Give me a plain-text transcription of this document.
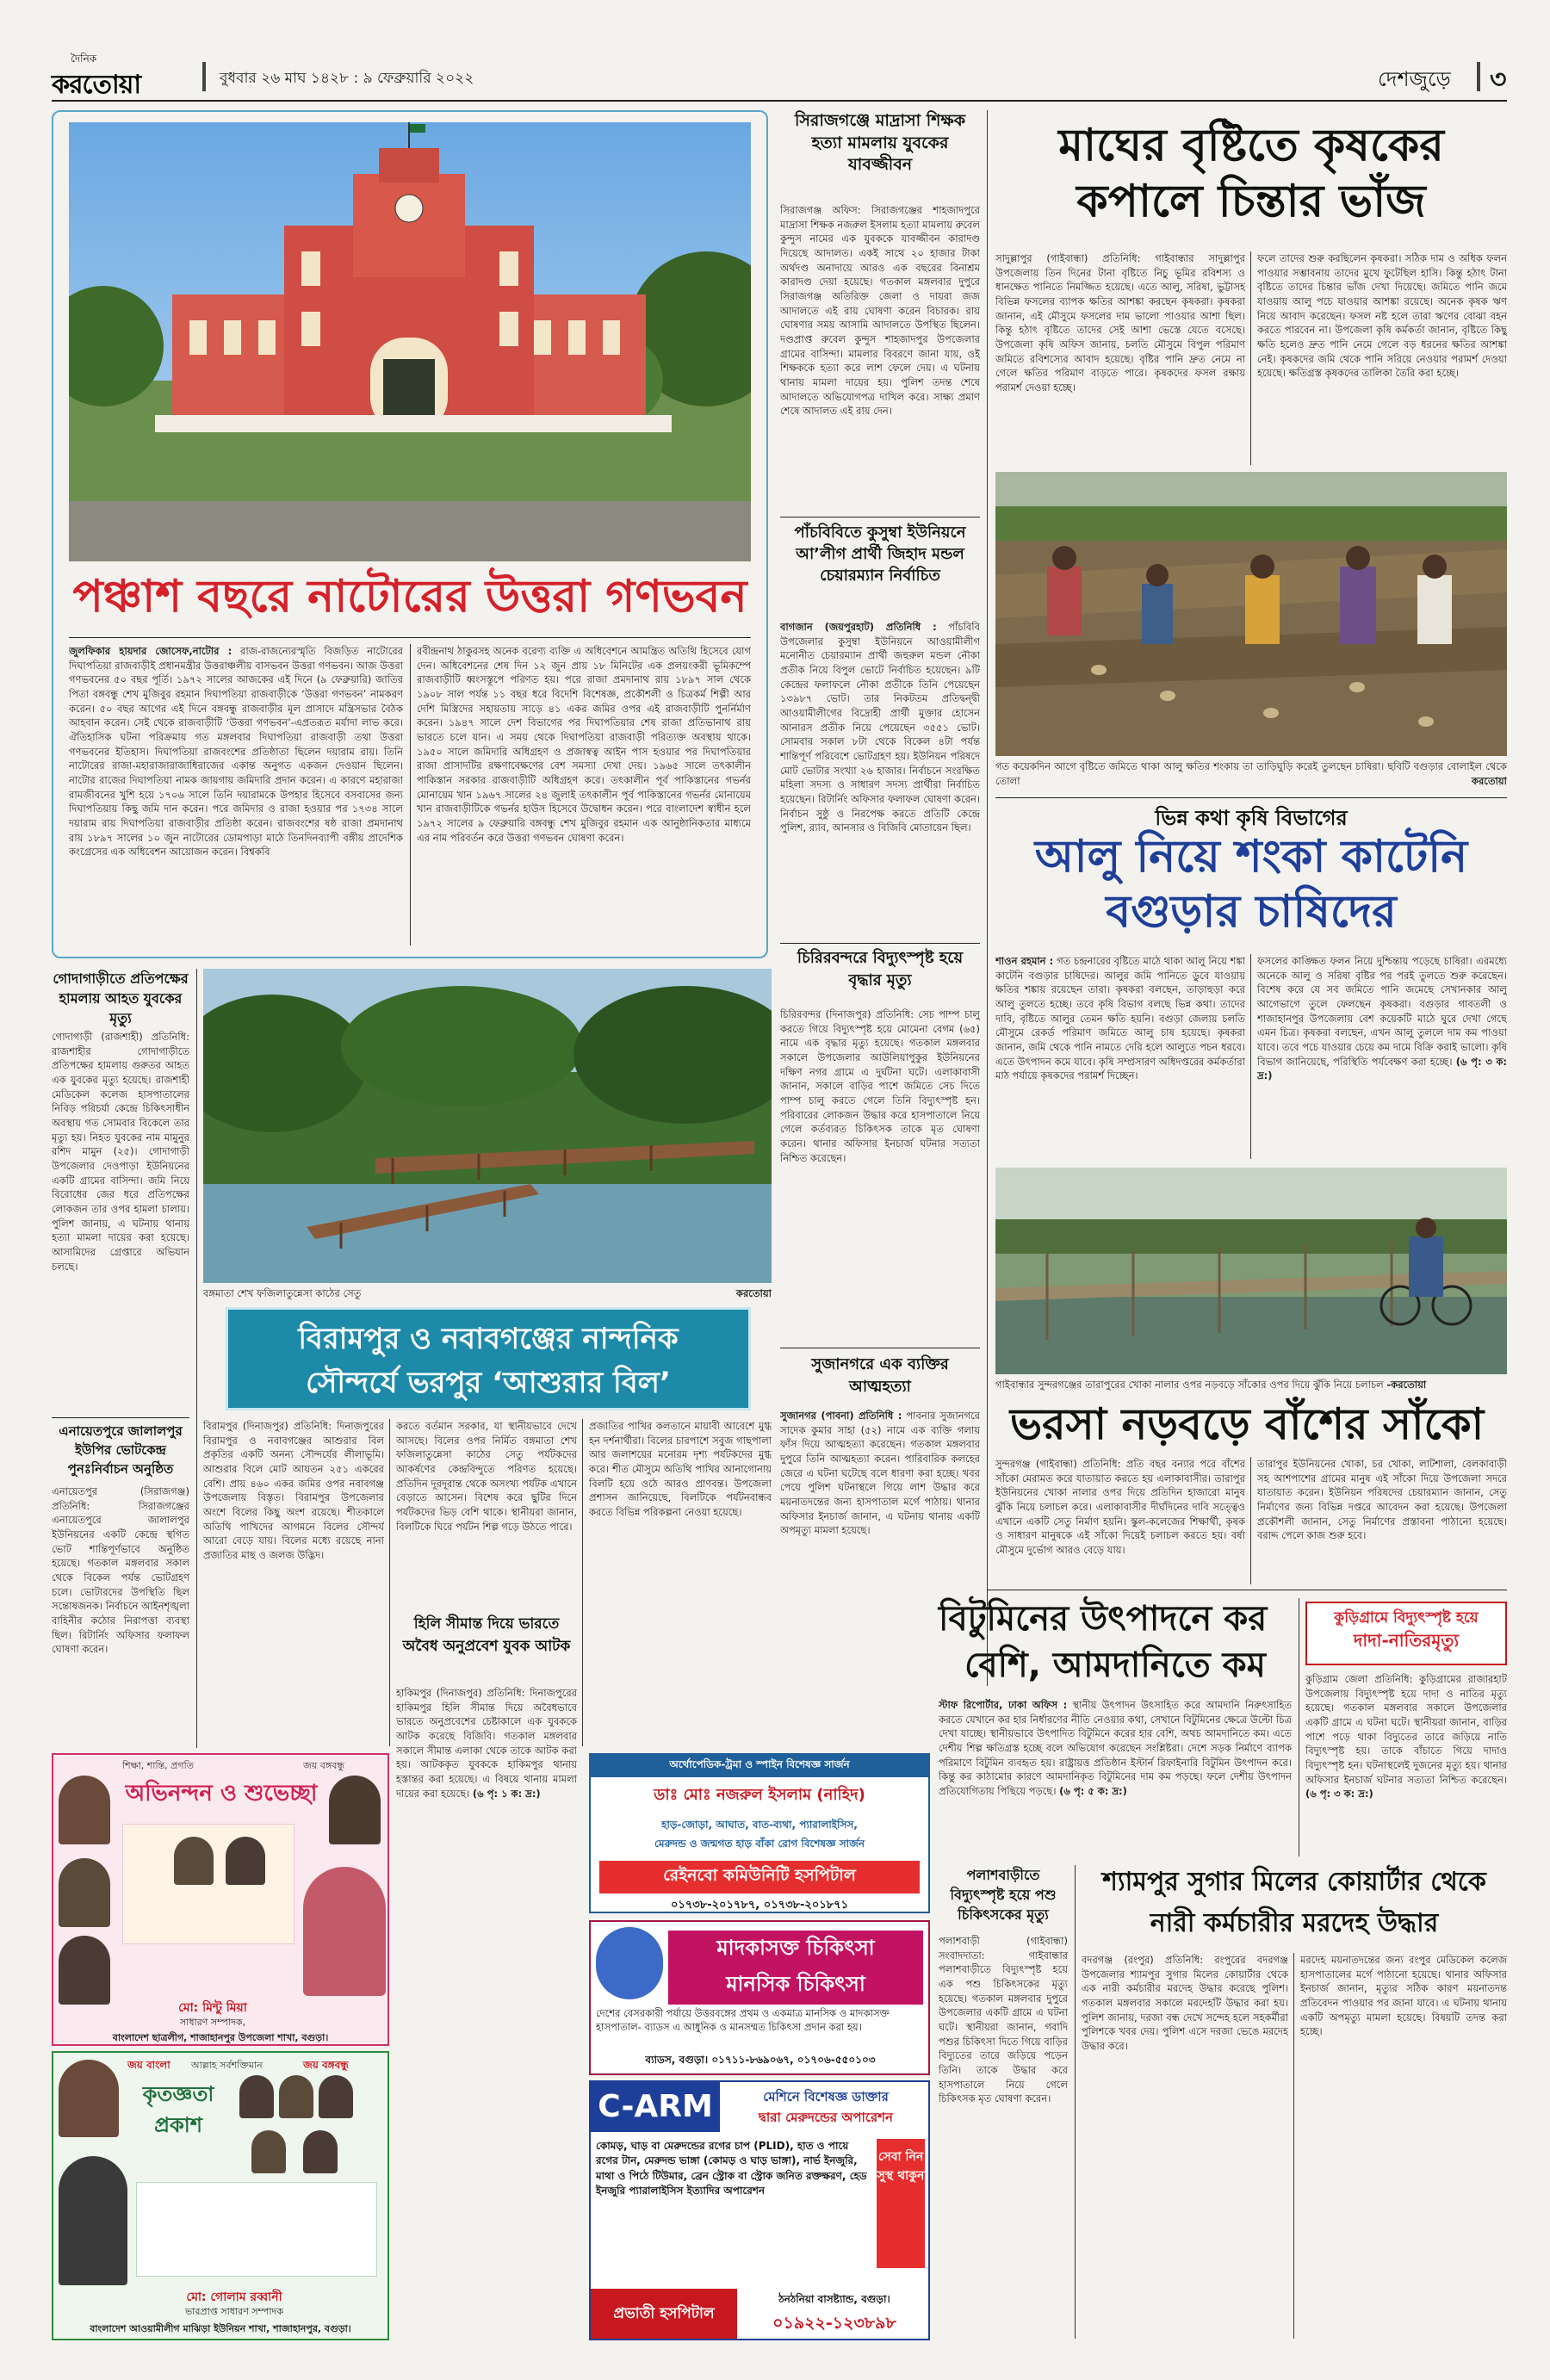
দৈনিক
করতোয়া	বুধবার ২৬ মাঘ ১৪২৮ : ৯ ফেব্রুয়ারি ২০২২	দেশজুড়ে ৩
পঞ্চাশ বছরে নাটোরের উত্তরা গণভবন
জুলফিকার হায়দার জোসেফ,নাটোর : রাজ-রাজন্যেরস্মৃতি বিজড়িত নাটোরের দিঘাপতিয়া রাজবাড়ীই প্রধানমন্ত্রীর উত্তরাঞ্চলীয় বাসভবন উত্তরা গণভবন। আজ উত্তরা গণভবনের ৫০ বছর পূর্তি। ১৯৭২ সালের আজকের এই দিনে (৯ ফেব্রুয়ারি) জাতির পিতা বঙ্গবন্ধু শেখ মুজিবুর রহমান দিঘাপতিয়া রাজবাড়ীকে ‘উত্তরা গণভবন’ নামকরণ করেন। ৫০ বছর আগের এই দিনে বঙ্গবন্ধু রাজবাড়ীর মূল প্রাসাদে মন্ত্রিসভার বৈঠক আহবান করেন। সেই থেকে রাজবাড়ীটি ‘উত্তরা গণভবন’-এপ্রতরূত মর্যাদা লাভ করে। ঐতিহাসিক ঘটনা পরিক্রমায় গত মঙ্গলবার দিঘাপতিয়া রাজবাড়ী তথা উত্তরা গণভবনের ইতিহাস। দিঘাপতিয়া রাজবংশের প্রতিষ্ঠাতা ছিলেন দয়ারাম রায়। তিনি নাটোরের রাজা-মহারাজারাজাধিরাজের একান্ত অনুগত একজন দেওয়ান ছিলেন। নাটোর রাজের দিঘাপতিয়া নামক জায়গায় জমিদারি প্রদান করেন। এ কারণে মহারাজা রামজীবনের খুশি হয়ে ১৭০৬ সালে তিনি দয়ারামকে উপহার হিসেবে বসবাসের জন্য দিঘাপতিয়ায় কিছু জমি দান করেন। পরে জমিদার ও রাজা হওয়ার পর ১৭৩৪ সালে দয়ারাম রায় দিঘাপতিয়া রাজবাড়ীর প্রতিষ্ঠা করেন। রাজবংশের ষষ্ঠ রাজা প্রমদানাথ রায় ১৮৯৭ সালের ১০ জুন নাটোরের ডোমপাড়া মাঠে তিনদিনব্যাপী বঙ্গীয় প্রাদেশিক কংগ্রেসের এক অধিবেশন আয়োজন করেন। বিশ্বকবি
রবীন্দ্রনাথ ঠাকুরসহ অনেক বরেণ্য ব্যক্তি এ অধিবেশনে আমন্ত্রিত অতিথি হিসেবে যোগ দেন। অধিবেশনের শেষ দিন ১২ জুন প্রায় ১৮ মিনিটের এক প্রলয়ংকরী ভূমিকম্পে রাজবাড়ীটি ধ্বংসস্তূপে পরিণত হয়। পরে রাজা প্রমদানাথ রায় ১৮৯৭ সাল থেকে ১৯০৮ সাল পর্যন্ত ১১ বছর ধরে বিদেশি বিশেষজ্ঞ, প্রকৌশলী ও চিত্রকর্ম শিল্পী আর দেশি মিস্ত্রিদের সহায়তায় সাড়ে ৪১ একর জমির ওপর এই রাজবাড়ীটি পুনর্নির্মাণ করেন। ১৯৪৭ সালে দেশ বিভাগের পর দিঘাপতিয়ার শেষ রাজা প্রতিভানাথ রায় ভারতে চলে যান। এ সময় থেকে দিঘাপতিয়া রাজবাড়ী পরিত্যক্ত অবস্থায় থাকে। ১৯৫০ সালে জমিদারি অধিগ্রহণ ও প্রজাস্বত্ব আইন পাস হওয়ার পর দিঘাপতিয়ার রাজা প্রাসাদটির রক্ষণাবেক্ষণের বেশ সমস্যা দেখা দেয়। ১৯৬৫ সালে তৎকালীন পাকিস্তান সরকার রাজবাড়ীটি অধিগ্রহণ করে। তৎকালীন পূর্ব পাকিস্তানের গভর্নর মোনায়েম খান ১৯৬৭ সালের ২৪ জুলাই তৎকালীন পূর্ব পাকিস্তানের গভর্নর মোনায়েম খান রাজবাড়ীটিকে গভর্নর হাউস হিসেবে উদ্বোধন করেন। পরে বাংলাদেশ স্বাধীন হলে ১৯৭২ সালের ৯ ফেব্রুয়ারি বঙ্গবন্ধু শেখ মুজিবুর রহমান এক আনুষ্ঠানিকতার মাধ্যমে এর নাম পরিবর্তন করে উত্তরা গণভবন ঘোষণা করেন।
সিরাজগঞ্জে মাদ্রাসা শিক্ষক হত্যা মামলায় যুবকের যাবজ্জীবন
সিরাজগঞ্জ অফিস: সিরাজগঞ্জের শাহজাদপুরে মাদ্রাসা শিক্ষক নজরুল ইসলাম হত্যা মামলায় রুবেল কুন্দুস নামের এক যুবককে যাবজ্জীবন কারাদণ্ড দিয়েছে আদালত। একই সাথে ২০ হাজার টাকা অর্থদণ্ড অনাদায়ে আরও এক বছরের বিনাশ্রম কারাদণ্ড দেয়া হয়েছে। গতকাল মঙ্গলবার দুপুরে সিরাজগঞ্জ অতিরিক্ত জেলা ও দায়রা জজ আদালতে এই রায় ঘোষণা করেন বিচারক। রায় ঘোষণার সময় আসামি আদালতে উপস্থিত ছিলেন। দণ্ডপ্রাপ্ত রুবেল কুন্দুস শাহজাদপুর উপজেলার গ্রামের বাসিন্দা। মামলার বিবরণে জানা যায়, ওই শিক্ষককে হত্যা করে লাশ ফেলে দেয়। এ ঘটনায় থানায় মামলা দায়ের হয়। পুলিশ তদন্ত শেষে আদালতে অভিযোগপত্র দাখিল করে। সাক্ষ্য প্রমাণ শেষে আদালত এই রায় দেন।
পাঁচবিবিতে কুসুম্বা ইউনিয়নে আ’লীগ প্রার্থী জিহাদ মন্ডল চেয়ারম্যান নির্বাচিত
বাগজান (জয়পুরহাট) প্রতিনিধি : পাঁচবিবি উপজেলার কুসুম্বা ইউনিয়নে আওয়ামীলীগ মনোনীত চেয়ারম্যান প্রার্থী জহুরুল মন্ডল নৌকা প্রতীক নিয়ে বিপুল ভোটে নির্বাচিত হয়েছেন। ৯টি কেন্দ্রের ফলাফলে নৌকা প্রতীকে তিনি পেয়েছেন ১৩৯৮৭ ভোট। তার নিকটতম প্রতিদ্বন্দ্বী আওয়ামীলীগের বিদ্রোহী প্রার্থী মুক্তার হোসেন আনারস প্রতীক নিয়ে পেয়েছেন ৩৫৫১ ভোট। সোমবার সকাল ৮টা থেকে বিকেল ৪টা পর্যন্ত শান্তিপূর্ণ পরিবেশে ভোটগ্রহণ হয়। ইউনিয়ন পরিষদে মোট ভোটার সংখ্যা ২৬ হাজার। নির্বাচনে সংরক্ষিত মহিলা সদস্য ও সাধারণ সদস্য প্রার্থীরা নির্বাচিত হয়েছেন। রিটার্নিং অফিসার ফলাফল ঘোষণা করেন। নির্বাচন সুষ্ঠু ও নিরপেক্ষ করতে প্রতিটি কেন্দ্রে পুলিশ, র‍্যাব, আনসার ও বিজিবি মোতায়েন ছিল।
চিরিরবন্দরে বিদ্যুৎস্পৃষ্ট হয়ে বৃদ্ধার মৃত্যু
চিরিরবন্দর (দিনাজপুর) প্রতিনিধি: সেচ পাম্প চালু করতে গিয়ে বিদ্যুৎস্পৃষ্ট হয়ে মোমেনা বেগম (৬৫) নামে এক বৃদ্ধার মৃত্যু হয়েছে। গতকাল মঙ্গলবার সকালে উপজেলার আউলিয়াপুকুর ইউনিয়নের দক্ষিণ নগর গ্রামে এ দুর্ঘটনা ঘটে। এলাকাবাসী জানান, সকালে বাড়ির পাশে জমিতে সেচ দিতে পাম্প চালু করতে গেলে তিনি বিদ্যুৎস্পৃষ্ট হন। পরিবারের লোকজন উদ্ধার করে হাসপাতালে নিয়ে গেলে কর্তব্যরত চিকিৎসক তাকে মৃত ঘোষণা করেন। থানার অফিসার ইনচার্জ ঘটনার সত্যতা নিশ্চিত করেছেন।
সুজানগরে এক ব্যক্তির আত্মহত্যা
সুজানগর (পাবনা) প্রতিনিধি : পাবনার সুজানগরে সাদেক কুমার সাহা (৫২) নামে এক ব্যক্তি গলায় ফাঁস দিয়ে আত্মহত্যা করেছেন। গতকাল মঙ্গলবার দুপুরে তিনি আত্মহত্যা করেন। পারিবারিক কলহের জেরে এ ঘটনা ঘটেছে বলে ধারণা করা হচ্ছে। খবর পেয়ে পুলিশ ঘটনাস্থলে গিয়ে লাশ উদ্ধার করে ময়নাতদন্তের জন্য হাসপাতাল মর্গে পাঠায়। থানার অফিসার ইনচার্জ জানান, এ ঘটনায় থানায় একটি অপমৃত্যু মামলা হয়েছে।
মাঘের বৃষ্টিতে কৃষকের
কপালে চিন্তার ভাঁজ
সাদুল্লাপুর (গাইবান্ধা) প্রতিনিধি: গাইবান্ধার সাদুল্লাপুর উপজেলায় তিন দিনের টানা বৃষ্টিতে নিচু ভূমির রবিশস্য ও ধানক্ষেত পানিতে নিমজ্জিত হয়েছে। এতে আলু, সরিষা, ভুট্টাসহ বিভিন্ন ফসলের ব্যাপক ক্ষতির আশঙ্কা করছেন কৃষকরা। কৃষকরা জানান, এই মৌসুমে ফসলের দাম ভালো পাওয়ার আশা ছিল। কিন্তু হঠাৎ বৃষ্টিতে তাদের সেই আশা ভেস্তে যেতে বসেছে। উপজেলা কৃষি অফিস জানায়, চলতি মৌসুমে বিপুল পরিমাণ জমিতে রবিশস্যের আবাদ হয়েছে। বৃষ্টির পানি দ্রুত নেমে না গেলে ক্ষতির পরিমাণ বাড়তে পারে। কৃষকদের ফসল রক্ষায় পরামর্শ দেওয়া হচ্ছে।
ফলে তাদের শুরু করছিলেন কৃষকরা। সঠিক দাম ও অধিক ফলন পাওয়ার সম্ভাবনায় তাদের মুখে ফুটেছিল হাসি। কিন্তু হঠাৎ টানা বৃষ্টিতে তাদের চিন্তার ভাঁজ দেখা দিয়েছে। জমিতে পানি জমে যাওয়ায় আলু পচে যাওয়ার আশঙ্কা রয়েছে। অনেক কৃষক ঋণ নিয়ে আবাদ করেছেন। ফসল নষ্ট হলে তারা ঋণের বোঝা বহন করতে পারবেন না। উপজেলা কৃষি কর্মকর্তা জানান, বৃষ্টিতে কিছু ক্ষতি হলেও দ্রুত পানি নেমে গেলে বড় ধরনের ক্ষতির আশঙ্কা নেই। কৃষকদের জমি থেকে পানি সরিয়ে নেওয়ার পরামর্শ দেওয়া হয়েছে। ক্ষতিগ্রস্ত কৃষকদের তালিকা তৈরি করা হচ্ছে।
গত কয়েকদিন আগে বৃষ্টিতে জমিতে থাকা আলু ক্ষতির শংকায় তা তাড়িঘুড়ি করেই তুলছেন চাষিরা। ছবিটি বগুড়ার বোলাইল থেকে তোলা	করতোয়া
ভিন্ন কথা কৃষি বিভাগের
আলু নিয়ে শংকা কাটেনি
বগুড়ার চাষিদের
শাওন রহমান : গত চন্দ্রনারের বৃষ্টিতে মাঠে থাকা আলু নিয়ে শঙ্কা কাটেনি বগুড়ার চাষিদের। আলুর জমি পানিতে ডুবে যাওয়ায় ক্ষতির শঙ্কায় রয়েছেন তারা। কৃষকরা বলছেন, তাড়াহুড়া করে আলু তুলতে হচ্ছে। তবে কৃষি বিভাগ বলছে ভিন্ন কথা। তাদের দাবি, বৃষ্টিতে আলুর তেমন ক্ষতি হয়নি। বগুড়া জেলায় চলতি মৌসুমে রেকর্ড পরিমাণ জমিতে আলু চাষ হয়েছে। কৃষকরা জানান, জমি থেকে পানি নামতে দেরি হলে আলুতে পচন ধরবে। এতে উৎপাদন কমে যাবে। কৃষি সম্প্রসারণ অধিদপ্তরের কর্মকর্তারা মাঠ পর্যায়ে কৃষকদের পরামর্শ দিচ্ছেন।
ফসলের কাঙ্ক্ষিত ফলন নিয়ে দুশ্চিন্তায় পড়েছে চাষিরা। এরমধ্যে অনেকে আলু ও সরিষা বৃষ্টির পর পরই তুলতে শুরু করেছেন। বিশেষ করে যে সব জমিতে পানি জমেছে সেখানকার আলু আগেভাগে তুলে ফেলছেন কৃষকরা। বগুড়ার গাবতলী ও শাজাহানপুর উপজেলায় বেশ কয়েকটি মাঠে ঘুরে দেখা গেছে এমন চিত্র। কৃষকরা বলছেন, এখন আলু তুললে দাম কম পাওয়া যাবে। তবে পচে যাওয়ার চেয়ে কম দামে বিক্রি করাই ভালো। কৃষি বিভাগ জানিয়েছে, পরিস্থিতি পর্যবেক্ষণ করা হচ্ছে। (৬ পৃ: ৩ ক: দ্র:)
গাইবান্ধার সুন্দরগঞ্জের তারাপুরের খোকা নালার ওপর নড়বড়ে সাঁকোর ওপর দিয়ে ঝুঁকি নিয়ে চলাচল -করতোয়া
ভরসা নড়বড়ে বাঁশের সাঁকো
সুন্দরগঞ্জ (গাইবান্ধা) প্রতিনিধি: প্রতি বছর বন্যার পরে বাঁশের সাঁকো মেরামত করে যাতায়াত করতে হয় এলাকাবাসীর। তারাপুর ইউনিয়নের খোকা নালার ওপর দিয়ে প্রতিদিন হাজারো মানুষ ঝুঁকি নিয়ে চলাচল করে। এলাকাবাসীর দীর্ঘদিনের দাবি সত্ত্বেও এখানে একটি সেতু নির্মাণ হয়নি। স্কুল-কলেজের শিক্ষার্থী, কৃষক ও সাধারণ মানুষকে এই সাঁকো দিয়েই চলাচল করতে হয়। বর্ষা মৌসুমে দুর্ভোগ আরও বেড়ে যায়।
তারাপুর ইউনিয়নের খোকা, চর খোকা, লাটশালা, বেলকাবাড়ী সহ আশপাশের গ্রামের মানুষ এই সাঁকো দিয়ে উপজেলা সদরে যাতায়াত করেন। ইউনিয়ন পরিষদের চেয়ারম্যান জানান, সেতু নির্মাণের জন্য বিভিন্ন দপ্তরে আবেদন করা হয়েছে। উপজেলা প্রকৌশলী জানান, সেতু নির্মাণের প্রস্তাবনা পাঠানো হয়েছে। বরাদ্দ পেলে কাজ শুরু হবে।
বিটুমিনের উৎপাদনে কর
বেশি, আমদানিতে কম
স্টাফ রিপোর্টার, ঢাকা অফিস : স্থানীয় উৎপাদন উৎসাহিত করে আমদানি নিরুৎসাহিত করতে যেখানে কর হার নির্ধারণের নীতি নেওয়ার কথা, সেখানে বিটুমিনের ক্ষেত্রে উল্টো চিত্র দেখা যাচ্ছে। স্থানীয়ভাবে উৎপাদিত বিটুমিনে করের হার বেশি, অথচ আমদানিতে কম। এতে দেশীয় শিল্প ক্ষতিগ্রস্ত হচ্ছে বলে অভিযোগ করেছেন সংশ্লিষ্টরা। দেশে সড়ক নির্মাণে ব্যাপক পরিমাণে বিটুমিন ব্যবহৃত হয়। রাষ্ট্রায়ত্ত প্রতিষ্ঠান ইস্টার্ন রিফাইনারি বিটুমিন উৎপাদন করে। কিন্তু কর কাঠামোর কারণে আমদানিকৃত বিটুমিনের দাম কম পড়ছে। ফলে দেশীয় উৎপাদন প্রতিযোগিতায় পিছিয়ে পড়ছে। (৬ পৃ: ৫ ক: দ্র:)
কুড়িগ্রামে বিদ্যুৎস্পৃষ্ট হয়ে
দাদা-নাতিরমৃত্যু
কুড়িগ্রাম জেলা প্রতিনিধি: কুড়িগ্রামের রাজারহাট উপজেলায় বিদ্যুৎস্পৃষ্ট হয়ে দাদা ও নাতির মৃত্যু হয়েছে। গতকাল মঙ্গলবার সকালে উপজেলার একটি গ্রামে এ ঘটনা ঘটে। স্থানীয়রা জানান, বাড়ির পাশে পড়ে থাকা বিদ্যুতের তারে জড়িয়ে নাতি বিদ্যুৎস্পৃষ্ট হয়। তাকে বাঁচাতে গিয়ে দাদাও বিদ্যুৎস্পৃষ্ট হন। ঘটনাস্থলেই দুজনের মৃত্যু হয়। থানার অফিসার ইনচার্জ ঘটনার সত্যতা নিশ্চিত করেছেন। (৬ পৃ: ৩ ক: দ্র:)
পলাশবাড়ীতে বিদ্যুৎস্পৃষ্ট হয়ে পশু চিকিৎসকের মৃত্যু
পলাশবাড়ী (গাইবান্ধা) সংবাদদাতা: গাইবান্ধার পলাশবাড়ীতে বিদ্যুৎস্পৃষ্ট হয়ে এক পশু চিকিৎসকের মৃত্যু হয়েছে। গতকাল মঙ্গলবার দুপুরে উপজেলার একটি গ্রামে এ ঘটনা ঘটে। স্থানীয়রা জানান, গবাদি পশুর চিকিৎসা দিতে গিয়ে বাড়ির বিদ্যুতের তারে জড়িয়ে পড়েন তিনি। তাকে উদ্ধার করে হাসপাতালে নিয়ে গেলে চিকিৎসক মৃত ঘোষণা করেন।
শ্যামপুর সুগার মিলের কোয়ার্টার থেকে
নারী কর্মচারীর মরদেহ উদ্ধার
বদরগঞ্জ (রংপুর) প্রতিনিধি: রংপুরের বদরগঞ্জ উপজেলার শ্যামপুর সুগার মিলের কোয়ার্টার থেকে এক নারী কর্মচারীর মরদেহ উদ্ধার করেছে পুলিশ। গতকাল মঙ্গলবার সকালে মরদেহটি উদ্ধার করা হয়। পুলিশ জানায়, দরজা বন্ধ দেখে সন্দেহ হলে সহকর্মীরা পুলিশকে খবর দেয়। পুলিশ এসে দরজা ভেঙে মরদেহ উদ্ধার করে।
মরদেহ ময়নাতদন্তের জন্য রংপুর মেডিকেল কলেজ হাসপাতালের মর্গে পাঠানো হয়েছে। থানার অফিসার ইনচার্জ জানান, মৃত্যুর সঠিক কারণ ময়নাতদন্ত প্রতিবেদন পাওয়ার পর জানা যাবে। এ ঘটনায় থানায় একটি অপমৃত্যু মামলা হয়েছে। বিষয়টি তদন্ত করা হচ্ছে।
গোদাগাড়ীতে প্রতিপক্ষের হামলায় আহত যুবকের মৃত্যু
গোদাগাড়ী (রাজশাহী) প্রতিনিধি: রাজশাহীর গোদাগাড়ীতে প্রতিপক্ষের হামলায় গুরুতর আহত এক যুবকের মৃত্যু হয়েছে। রাজশাহী মেডিকেল কলেজ হাসপাতালের নিবিড় পরিচর্যা কেন্দ্রে চিকিৎসাধীন অবস্থায় গত সোমবার বিকেলে তার মৃত্যু হয়। নিহত যুবকের নাম মামুনুর রশিদ মামুন (২৫)। গোদাগাড়ী উপজেলার দেওপাড়া ইউনিয়নের একটি গ্রামের বাসিন্দা। জমি নিয়ে বিরোধের জের ধরে প্রতিপক্ষের লোকজন তার ওপর হামলা চালায়। পুলিশ জানায়, এ ঘটনায় থানায় হত্যা মামলা দায়ের করা হয়েছে। আসামিদের গ্রেপ্তারে অভিযান চলছে।
এনায়েতপুরে জালালপুর ইউপির ভোটকেন্দ্র পুনঃনির্বাচন অনুষ্ঠিত
এনায়েতপুর (সিরাজগঞ্জ) প্রতিনিধি: সিরাজগঞ্জের এনায়েতপুরে জালালপুর ইউনিয়নের একটি কেন্দ্রে স্থগিত ভোট শান্তিপূর্ণভাবে অনুষ্ঠিত হয়েছে। গতকাল মঙ্গলবার সকাল থেকে বিকেল পর্যন্ত ভোটগ্রহণ চলে। ভোটারদের উপস্থিতি ছিল সন্তোষজনক। নির্বাচনে আইনশৃঙ্খলা বাহিনীর কঠোর নিরাপত্তা ব্যবস্থা ছিল। রিটার্নিং অফিসার ফলাফল ঘোষণা করেন।
বঙ্গমাতা শেখ ফজিলাতুন্নেসা কাঠের সেতু	করতোয়া
বিরামপুর ও নবাবগঞ্জের নান্দনিক
সৌন্দর্যে ভরপুর ‘আশুরার বিল’
বিরামপুর (দিনাজপুর) প্রতিনিধি: দিনাজপুরের বিরামপুর ও নবাবগঞ্জের আশুরার বিল প্রকৃতির একটি অনন্য সৌন্দর্যের লীলাভূমি। আশুরার বিলে মোট আয়তন ২৫১ একরের বেশি। প্রায় ৪৬০ একর জমির ওপর নবাবগঞ্জ উপজেলায় বিস্তৃত। বিরামপুর উপজেলার অংশে বিলের কিছু অংশ রয়েছে। শীতকালে অতিথি পাখিদের আগমনে বিলের সৌন্দর্য আরো বেড়ে যায়। বিলের মধ্যে রয়েছে নানা প্রজাতির মাছ ও জলজ উদ্ভিদ।
করতে বর্তমান সরকার, যা স্থানীয়ভাবে দেখে আসছে। বিলের ওপর নির্মিত বঙ্গমাতা শেখ ফজিলাতুন্নেসা কাঠের সেতু পর্যটকদের আকর্ষণের কেন্দ্রবিন্দুতে পরিণত হয়েছে। প্রতিদিন দূরদূরান্ত থেকে অসংখ্য পর্যটক এখানে বেড়াতে আসেন। বিশেষ করে ছুটির দিনে পর্যটকদের ভিড় বেশি থাকে। স্থানীয়রা জানান, বিলটিকে ঘিরে পর্যটন শিল্প গড়ে উঠতে পারে।
প্রজাতির পাখির কলতানে মায়াবী আবেশে মুগ্ধ হন দর্শনার্থীরা। বিলের চারপাশে সবুজ গাছপালা আর জলাশয়ের মনোরম দৃশ্য পর্যটকদের মুগ্ধ করে। শীত মৌসুমে অতিথি পাখির আনাগোনায় বিলটি হয়ে ওঠে আরও প্রাণবন্ত। উপজেলা প্রশাসন জানিয়েছে, বিলটিকে পর্যটনবান্ধব করতে বিভিন্ন পরিকল্পনা নেওয়া হয়েছে।
হিলি সীমান্ত দিয়ে ভারতে অবৈধ অনুপ্রবেশ যুবক আটক
হাকিমপুর (দিনাজপুর) প্রতিনিধি: দিনাজপুরের হাকিমপুর হিলি সীমান্ত দিয়ে অবৈধভাবে ভারতে অনুপ্রবেশের চেষ্টাকালে এক যুবককে আটক করেছে বিজিবি। গতকাল মঙ্গলবার সকালে সীমান্ত এলাকা থেকে তাকে আটক করা হয়। আটককৃত যুবককে হাকিমপুর থানায় হস্তান্তর করা হয়েছে। এ বিষয়ে থানায় মামলা দায়ের করা হয়েছে। (৬ পৃ: ১ ক: দ্র:)
শিক্ষা, শান্তি, প্রগতি	জয় বঙ্গবন্ধু
অভিনন্দন ও শুভেচ্ছা
মো: মিন্টু মিয়া
সাধারণ সম্পাদক,
বাংলাদেশ ছাত্রলীগ, শাজাহানপুর উপজেলা শাখা, বগুড়া।
জয় বাংলা আল্লাহ সর্বশক্তিমান	জয় বঙ্গবন্ধু
কৃতজ্ঞতা প্রকাশ
মো: গোলাম রব্বানী
ভারপ্রাপ্ত সাধারণ সম্পাদক
বাংলাদেশ আওয়ামীলীগ মাঝিড়া ইউনিয়ন শাখা, শাজাহানপুর, বগুড়া।
অর্থোপেডিক-ট্রমা ও স্পাইন বিশেষজ্ঞ সার্জন
ডাঃ মোঃ নজরুল ইসলাম (নাহিদ)
হাড়-জোড়া, আঘাত, বাত-ব্যথা, প্যারালাইসিস,
মেরুদন্ড ও জন্মগত হাড় বাঁকা রোগ বিশেষজ্ঞ সার্জন
রেইনবো কমিউনিটি হসপিটাল
০১৭৩৮-২০১৭৮৭, ০১৭৩৮-২০১৮৭১
মাদকাসক্ত চিকিৎসা
মানসিক চিকিৎসা
দেশের বেসরকারী পর্যায়ে উত্তরবঙ্গের প্রথম ও একমাত্র মানসিক ও মাদকাসক্ত হাসপাতাল- ব্যাডস এ আধুনিক ও মানসম্মত চিকিৎসা প্রদান করা হয়।
ব্যাডস, বগুড়া। ০১৭১১-৮৬৯০৬৭, ০১৭০৬-৫৫০১০৩
C-ARM	মেশিনে বিশেষজ্ঞ ডাক্তার
দ্বারা মেরুদন্ডের অপারেশন
কোমড়, ঘাড় বা মেরুদন্ডের রগের চাপ (PLID), হাত ও পায়ে রগের টান, মেরুদন্ড ভাঙ্গা (কোমড় ও ঘাড় ভাঙ্গা), নার্ভ ইনজুরি, মাথা ও পিঠে টিউমার, ব্রেন স্ট্রোক বা স্ট্রোক জনিত রক্তক্ষরণ, হেড ইনজুরি প্যারালাইসিস ইত্যাদির অপারেশন
সেবা নিন সুস্থ থাকুন
প্রভাতী হসপিটাল
ঠনঠনিয়া বাসষ্ট্যান্ড, বগুড়া।
০১৯২২-১২৩৮৯৮
